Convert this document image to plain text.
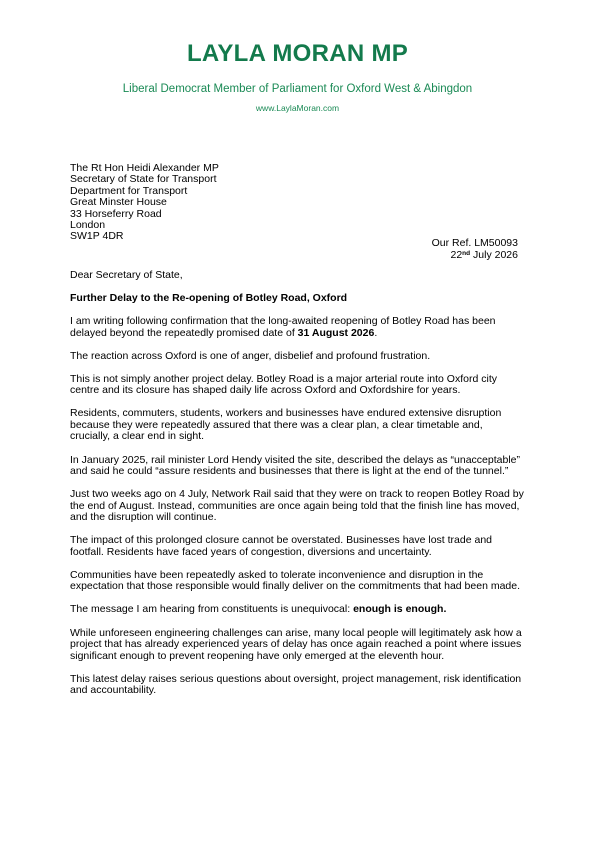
LAYLA MORAN MP
Liberal Democrat Member of Parliament for Oxford West & Abingdon
www.LaylaMoran.com
The Rt Hon Heidi Alexander MP
Secretary of State for Transport
Department for Transport
Great Minster House
33 Horseferry Road
London
SW1P 4DR
Our Ref. LM50093
22nd July 2026

Dear Secretary of State,

Further Delay to the Re-opening of Botley Road, Oxford

I am writing following confirmation that the long-awaited reopening of Botley Road has been delayed beyond the repeatedly promised date of 31 August 2026.

The reaction across Oxford is one of anger, disbelief and profound frustration.

This is not simply another project delay. Botley Road is a major arterial route into Oxford city centre and its closure has shaped daily life across Oxford and Oxfordshire for years.

Residents, commuters, students, workers and businesses have endured extensive disruption because they were repeatedly assured that there was a clear plan, a clear timetable and, crucially, a clear end in sight.

In January 2025, rail minister Lord Hendy visited the site, described the delays as “unacceptable” and said he could “assure residents and businesses that there is light at the end of the tunnel.”

Just two weeks ago on 4 July, Network Rail said that they were on track to reopen Botley Road by the end of August. Instead, communities are once again being told that the finish line has moved, and the disruption will continue.

The impact of this prolonged closure cannot be overstated. Businesses have lost trade and footfall. Residents have faced years of congestion, diversions and uncertainty.

Communities have been repeatedly asked to tolerate inconvenience and disruption in the expectation that those responsible would finally deliver on the commitments that had been made.

The message I am hearing from constituents is unequivocal: enough is enough.

While unforeseen engineering challenges can arise, many local people will legitimately ask how a project that has already experienced years of delay has once again reached a point where issues significant enough to prevent reopening have only emerged at the eleventh hour.

This latest delay raises serious questions about oversight, project management, risk identification and accountability.
